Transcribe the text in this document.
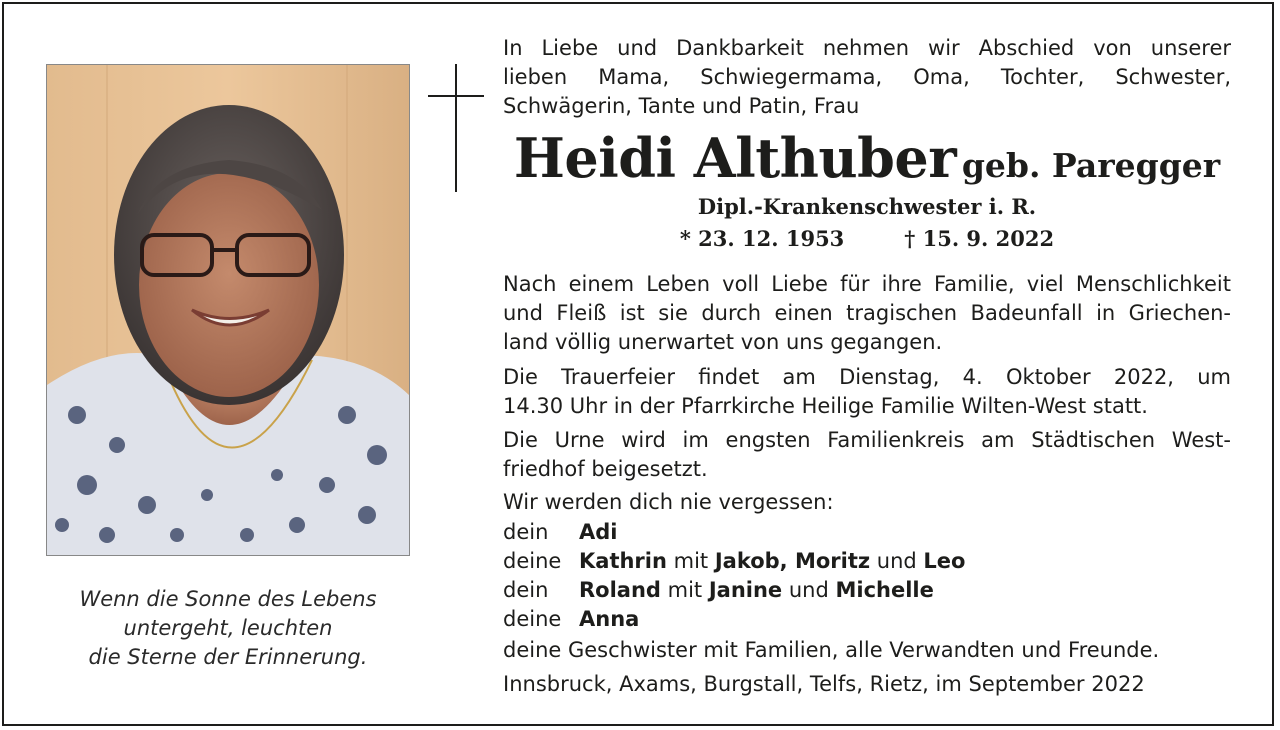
Wenn die Sonne des Lebens
untergeht, leuchten
die Sterne der Erinnerung.
In Liebe und Dankbarkeit nehmen wir Abschied von unserer
lieben Mama, Schwiegermama, Oma, Tochter, Schwester,
Schwägerin, Tante und Patin, Frau
Heidi Althuber geb. Paregger
Dipl.-Krankenschwester i. R.
* 23. 12. 1953	† 15. 9. 2022
Nach einem Leben voll Liebe für ihre Familie, viel Menschlichkeit
und Fleiß ist sie durch einen tragischen Badeunfall in Griechen-
land völlig unerwartet von uns gegangen.
Die Trauerfeier findet am Dienstag, 4. Oktober 2022, um
14.30 Uhr in der Pfarrkirche Heilige Familie Wilten-West statt.
Die Urne wird im engsten Familienkreis am Städtischen West-
friedhof beigesetzt.
Wir werden dich nie vergessen:
dein Adi
deine Kathrin mit Jakob, Moritz und Leo
dein Roland mit Janine und Michelle
deine Anna
deine Geschwister mit Familien, alle Verwandten und Freunde.
Innsbruck, Axams, Burgstall, Telfs, Rietz, im September 2022
